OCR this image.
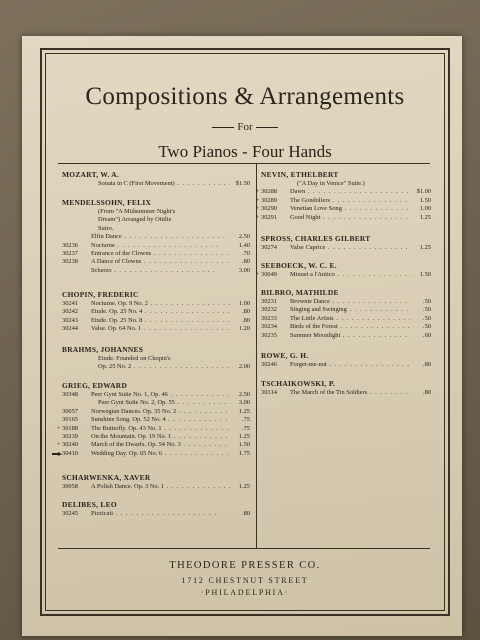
Compositions & Arrangements
For
Two Pianos - Four Hands
MOZART, W. A.
Sonata in C (First Movement) . . .	$1.50
MENDELSSOHN, FELIX
(From "A Midsummer Night's
Dream") Arranged by Ottilie
Sutro.
Elfin Dance . . .	2.50
30236	Nocturne . . .	1.40
30237	Entrance of the Clowns . . .	.70
30238	A Dance of Clowns . . .	.80
Scherzo . . .	3.00
CHOPIN, FREDERIC
30241	Nocturne. Op. 9 No. 2 . . .	1.00
30242	Etude. Op. 25 No. 4 . . .	.80
30243	Etude. Op. 25 No. 8 . . .	.80
30244	Valse. Op. 64 No. 1 . . .	1.20
BRAHMS, JOHANNES
Etude. Founded on Chopin's
Op. 25 No. 2 . . .	2.00
GRIEG, EDWARD
30348	Peer Gynt Suite No. 1, Op. 46 . . .	2.50
Peer Gynt Suite No. 2, Op. 55 . . .	3.00
30057	Norwegian Dances. Op. 35 No. 2 . . .	1.25
30165	Sunshine Song. Op. 52 No. 4 . . .	.75
+ 30188	The Butterfly. Op. 43 No. 1 . . .	.75
30239	On the Mountain. Op. 19 No. 1 . . .	1.25
+ 30240	March of the Dwarfs. Op. 54 No. 3 . . .	1.50
30410	Wedding Day. Op. 65 No. 6 . . .	1.75
SCHARWENKA, XAVER
30058	A Polish Dance. Op. 3 No. 1 . . .	1.25
DELIBES, LEO
30245	Pizzicati . . .	.80
NEVIN, ETHELBERT
("A Day in Venice" Suite.)
+ 30288	Dawn . . .	$1.00
+ 30289	The Gondoliers . . .	1.50
+ 30290	Venetian Love Song . . .	1.00
+ 30291	Good Night . . .	1.25
SPROSS, CHARLES GILBERT
30274	Valse Caprice . . .	1.25
SEEBOECK, W. C. E.
+ 30049	Minuet a l'Antico . . .	1.50
BILBRO, MATHILDE
30231	Brownie Dance . . .	.50
30232	Singing and Swinging . . .	.50
30233	The Little Artists . . .	.50
30234	Birds of the Forest . . .	.50
30235	Summer Moonlight . . .	.60
ROWE, G. H.
30246	Forget-me-not . . .	.80
TSCHAIKOWSKI, P.
30314	The March of the Tin Soldiers . . .	.80
THEODORE PRESSER CO.
1712 CHESTNUT STREET
·PHILADELPHIA·
